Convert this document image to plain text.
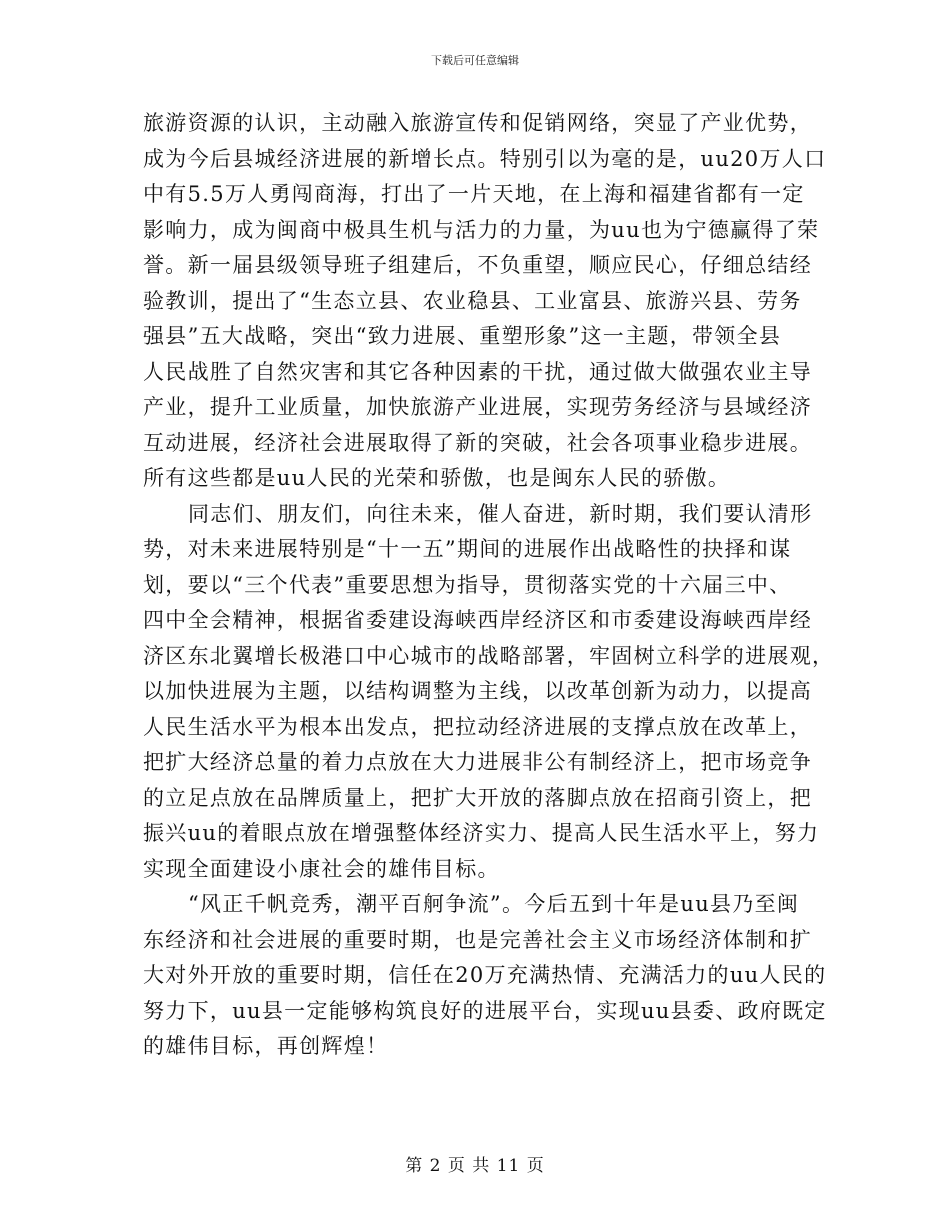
下载后可任意编辑

旅游资源的认识，主动融入旅游宣传和促销网络，突显了产业优势，
成为今后县城经济进展的新增长点。特别引以为毫的是，uu20万人口
中有5.5万人勇闯商海，打出了一片天地，在上海和福建省都有一定
影响力，成为闽商中极具生机与活力的力量，为uu也为宁德赢得了荣
誉。新一届县级领导班子组建后，不负重望，顺应民心，仔细总结经
验教训，提出了“生态立县、农业稳县、工业富县、旅游兴县、劳务
强县”五大战略，突出“致力进展、重塑形象”这一主题，带领全县
人民战胜了自然灾害和其它各种因素的干扰，通过做大做强农业主导
产业，提升工业质量，加快旅游产业进展，实现劳务经济与县域经济
互动进展，经济社会进展取得了新的突破，社会各项事业稳步进展。
所有这些都是uu人民的光荣和骄傲，也是闽东人民的骄傲。

同志们、朋友们，向往未来，催人奋进，新时期，我们要认清形
势，对未来进展特别是“十一五”期间的进展作出战略性的抉择和谋
划，要以“三个代表”重要思想为指导，贯彻落实党的十六届三中、
四中全会精神，根据省委建设海峡西岸经济区和市委建设海峡西岸经
济区东北翼增长极港口中心城市的战略部署，牢固树立科学的进展观，
以加快进展为主题，以结构调整为主线，以改革创新为动力，以提高
人民生活水平为根本出发点，把拉动经济进展的支撑点放在改革上，
把扩大经济总量的着力点放在大力进展非公有制经济上，把市场竞争
的立足点放在品牌质量上，把扩大开放的落脚点放在招商引资上，把
振兴uu的着眼点放在增强整体经济实力、提高人民生活水平上，努力
实现全面建设小康社会的雄伟目标。

“风正千帆竞秀，潮平百舸争流”。今后五到十年是uu县乃至闽
东经济和社会进展的重要时期，也是完善社会主义市场经济体制和扩
大对外开放的重要时期，信任在20万充满热情、充满活力的uu人民的
努力下，uu县一定能够构筑良好的进展平台，实现uu县委、政府既定
的雄伟目标，再创辉煌！

第 2 页 共 11 页
